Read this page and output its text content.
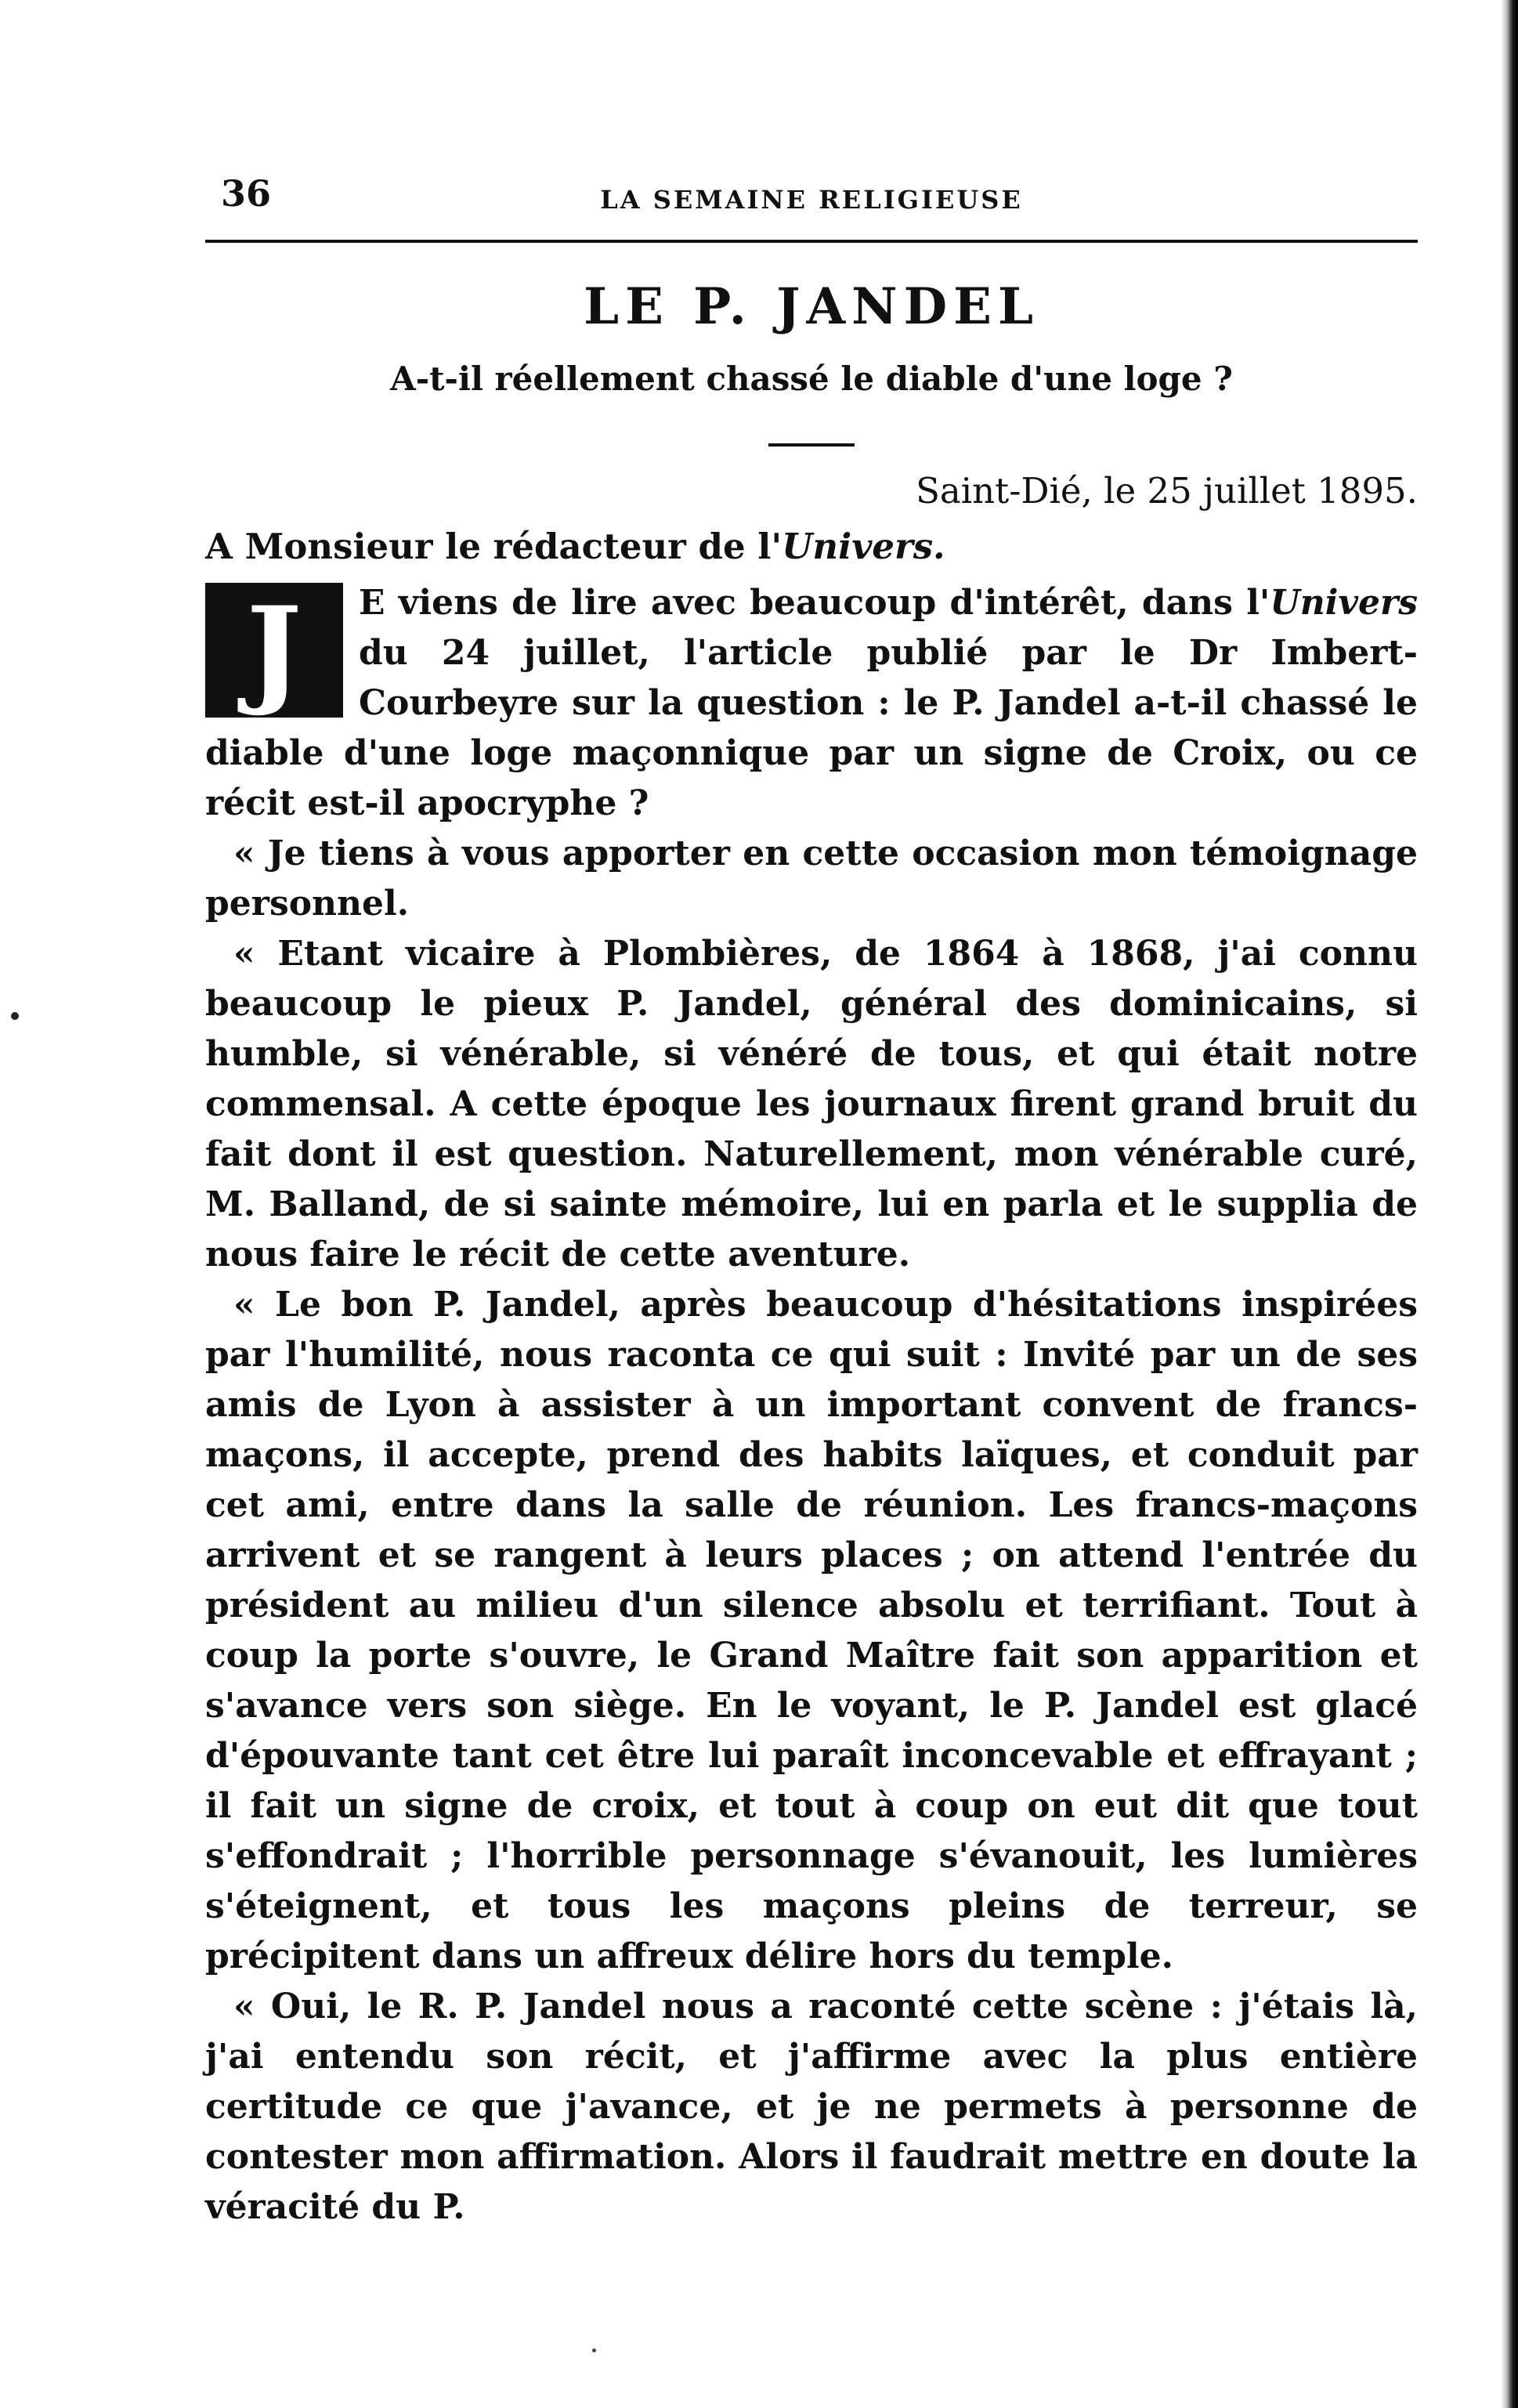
36	LA SEMAINE RELIGIEUSE
LE P. JANDEL
A-t-il réellement chassé le diable d'une loge ?
Saint-Dié, le 25 juillet 1895.
A Monsieur le rédacteur de l'Univers.

J	E viens de lire avec beaucoup d'intérêt, dans l'Univers du 24 juillet, l'article publié par le Dr Imbert-Courbeyre sur la question : le P. Jandel a-t-il chassé le diable d'une loge maçonnique par un signe de Croix, ou ce récit est-il apocryphe ?

« Je tiens à vous apporter en cette occasion mon témoignage personnel.

« Etant vicaire à Plombières, de 1864 à 1868, j'ai connu beaucoup le pieux P. Jandel, général des dominicains, si humble, si vénérable, si vénéré de tous, et qui était notre commensal. A cette époque les journaux firent grand bruit du fait dont il est question. Naturellement, mon vénérable curé, M. Balland, de si sainte mémoire, lui en parla et le supplia de nous faire le récit de cette aventure.

« Le bon P. Jandel, après beaucoup d'hésitations inspirées par l'humilité, nous raconta ce qui suit : Invité par un de ses amis de Lyon à assister à un important convent de francs-maçons, il accepte, prend des habits laïques, et conduit par cet ami, entre dans la salle de réunion. Les francs-maçons arrivent et se rangent à leurs places ; on attend l'entrée du président au milieu d'un silence absolu et terrifiant. Tout à coup la porte s'ouvre, le Grand Maître fait son apparition et s'avance vers son siège. En le voyant, le P. Jandel est glacé d'épouvante tant cet être lui paraît inconcevable et effrayant ; il fait un signe de croix, et tout à coup on eut dit que tout s'effondrait ; l'horrible personnage s'évanouit, les lumières s'éteignent, et tous les maçons pleins de terreur, se précipitent dans un affreux délire hors du temple.

« Oui, le R. P. Jandel nous a raconté cette scène : j'étais là, j'ai entendu son récit, et j'affirme avec la plus entière certitude ce que j'avance, et je ne permets à personne de contester mon affirmation. Alors il faudrait mettre en doute la véracité du P.
